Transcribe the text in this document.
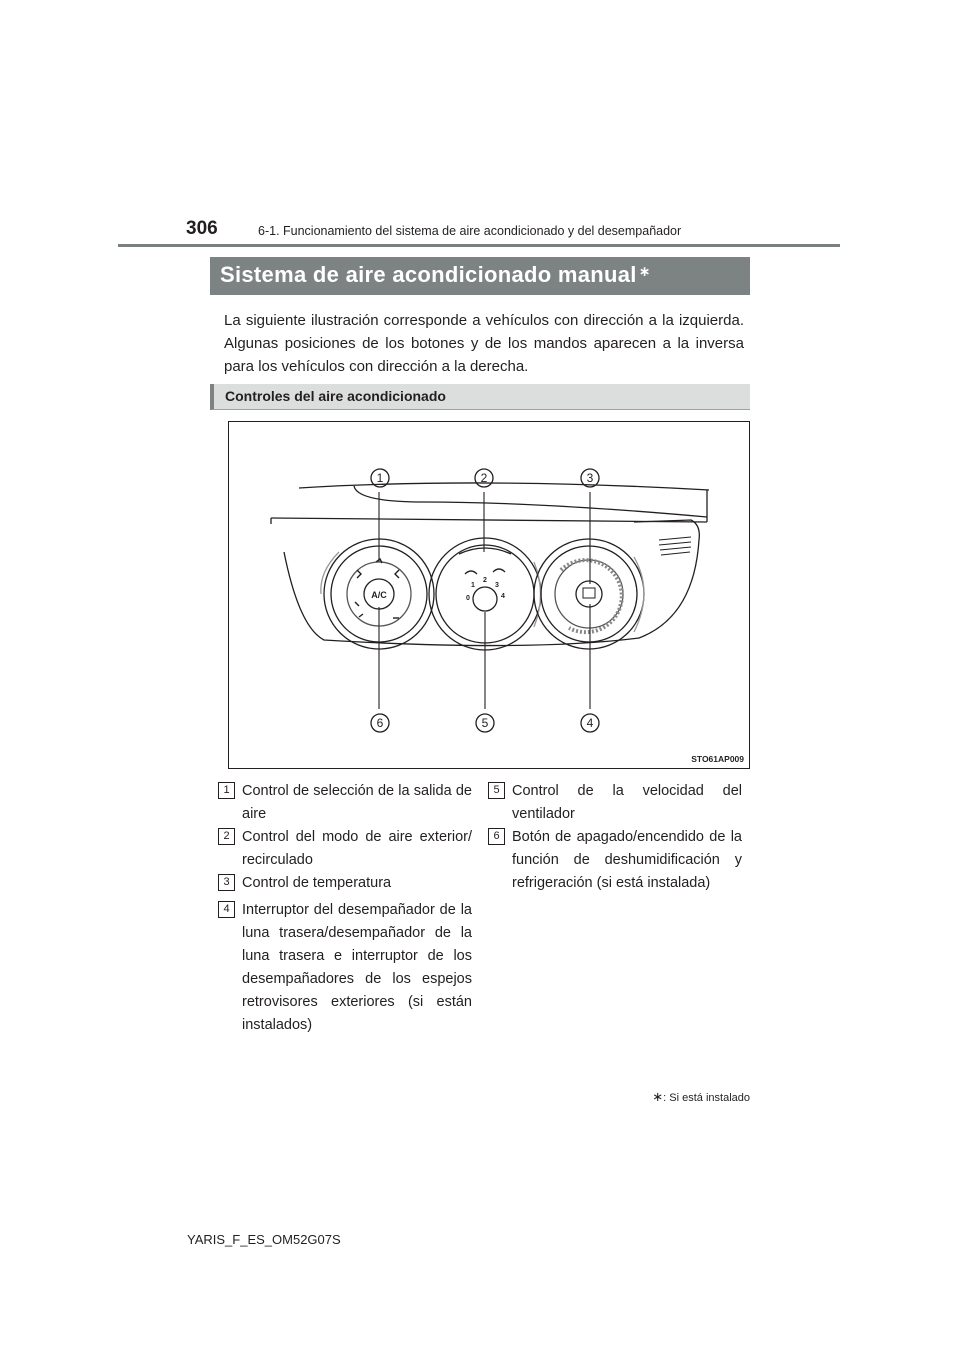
306	6-1. Funcionamiento del sistema de aire acondicionado y del desempañador
Sistema de aire acondicionado manual ∗
La siguiente ilustración corresponde a vehículos con dirección a la izquierda. Algunas posiciones de los botones y de los mandos aparecen a la inversa para los vehículos con dirección a la derecha.
Controles del aire acondicionado
1	2	3
4
5
6
A/C	0
1
2
3
4
STO61AP009
1 Control de selección de la salida de aire
2 Control del modo de aire exterior/ recirculado
3 Control de temperatura
4 Interruptor del desempañador de la luna trasera/desempañador de la luna trasera e interruptor de los desempañadores de los espejos retrovisores exteriores (si están instalados)
5 Control de la velocidad del ventilador
6 Botón de apagado/encendido de la función de deshumidificación y refrigeración (si está instalada)
∗: Si está instalado
YARIS_F_ES_OM52G07S
